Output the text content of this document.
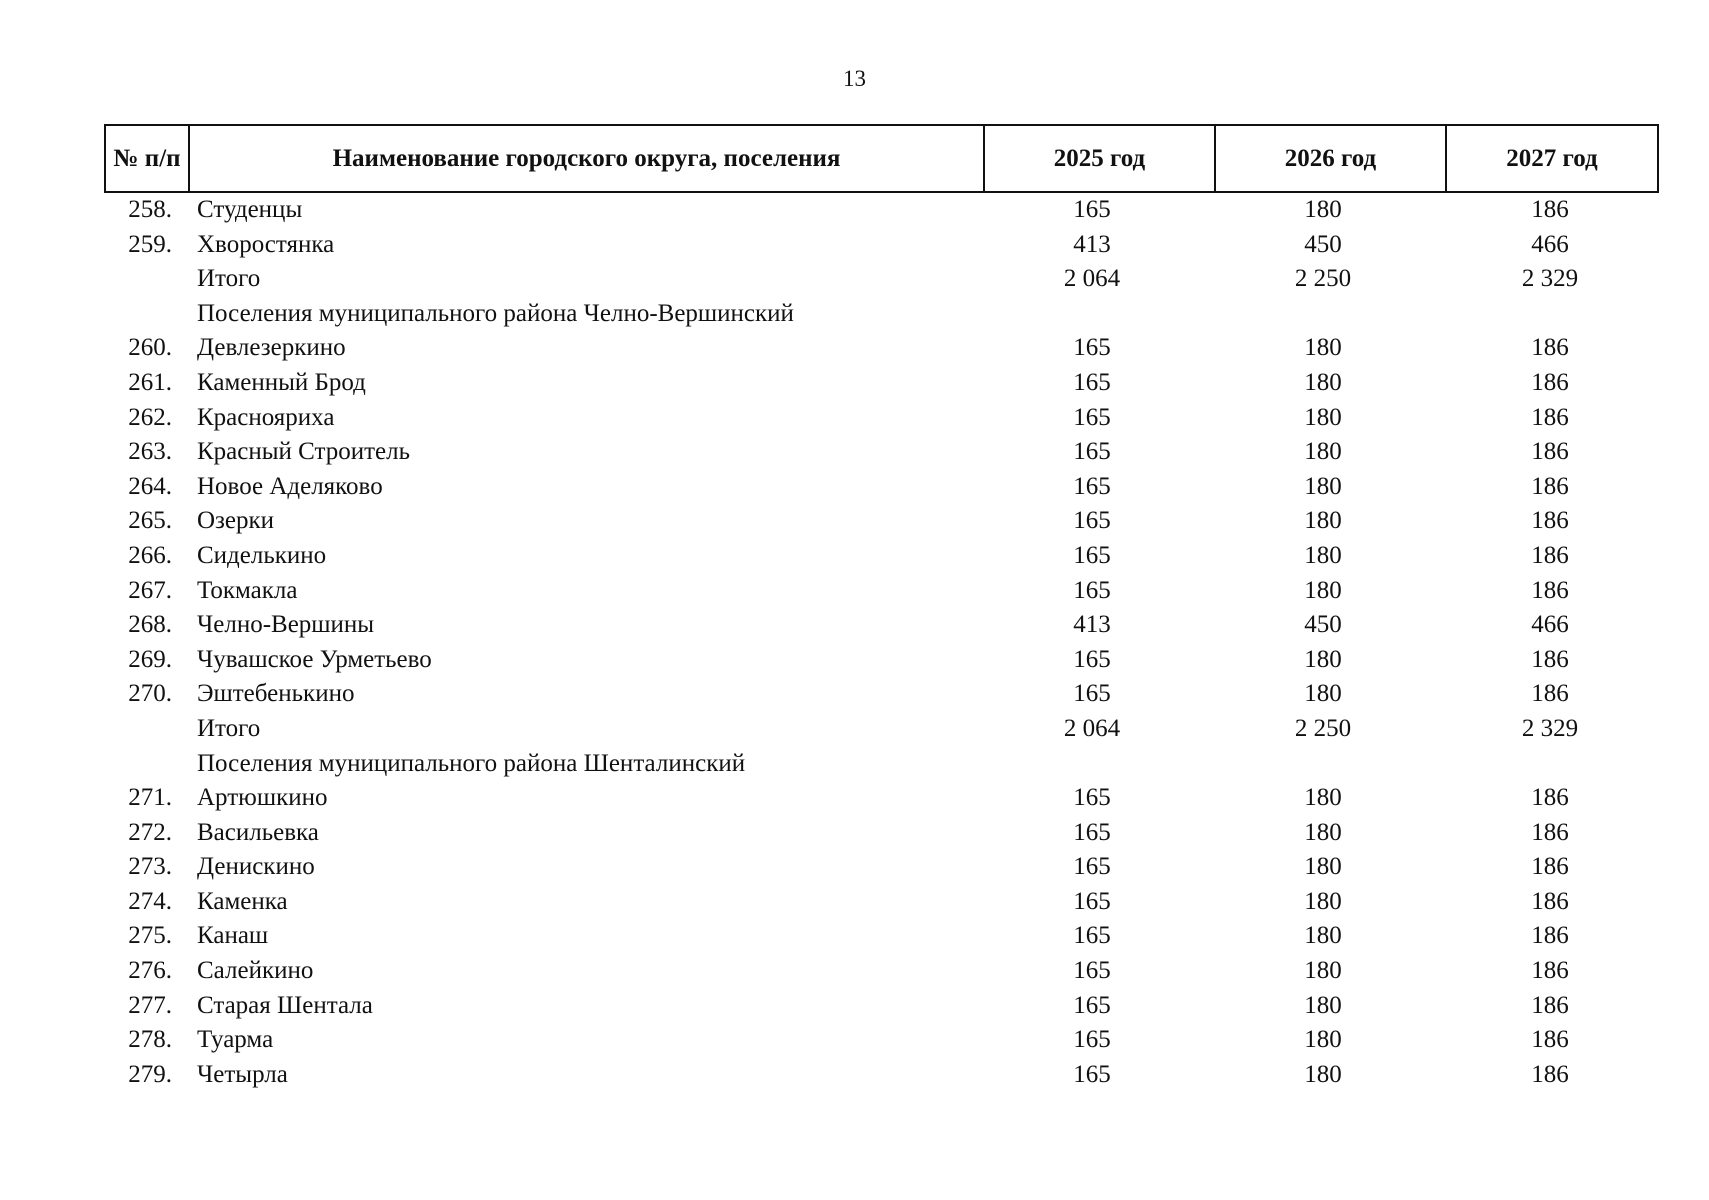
13
№ п/п	Наименование городского округа, поселения	2025 год	2026 год	2027 год
258. Студенцы	165	180	186
259. Хворостянка	413	450	466
Итого	2 064	2 250	2 329
Поселения муниципального района Челно-Вершинский
260. Девлезеркино	165	180	186
261. Каменный Брод	165	180	186
262. Краснояриха	165	180	186
263. Красный Строитель	165	180	186
264. Новое Аделяково	165	180	186
265. Озерки	165	180	186
266. Сиделькино	165	180	186
267. Токмакла	165	180	186
268. Челно-Вершины	413	450	466
269. Чувашское Урметьево	165	180	186
270. Эштебенькино	165	180	186
Итого	2 064	2 250	2 329
Поселения муниципального района Шенталинский
271. Артюшкино	165	180	186
272. Васильевка	165	180	186
273. Денискино	165	180	186
274. Каменка	165	180	186
275. Канаш	165	180	186
276. Салейкино	165	180	186
277. Старая Шентала	165	180	186
278. Туарма	165	180	186
279. Четырла	165	180	186
